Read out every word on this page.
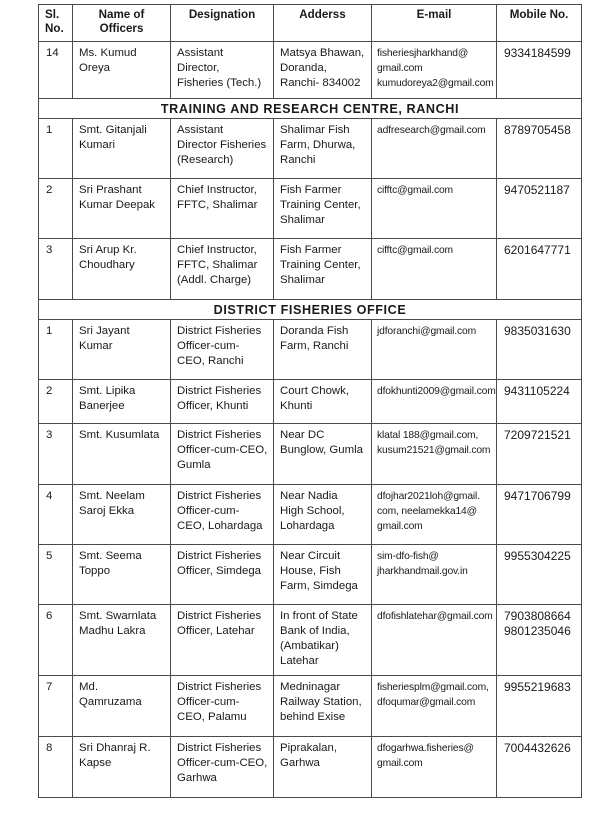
Sl. No.	Name of Officers	Designation	Adderss	E-mail	Mobile No.

14	Ms. Kumud
Oreya	Assistant
Director,
Fisheries (Tech.)	Matsya Bhawan,
Doranda,
Ranchi- 834002	fisheriesjharkhand@
gmail.com
kumudoreya2@gmail.com	9334184599

TRAINING AND RESEARCH CENTRE, RANCHI					

1	Smt. Gitanjali
Kumari	Assistant
Director Fisheries
(Research)	Shalimar Fish
Farm, Dhurwa,
Ranchi	adfresearch@gmail.com	8789705458

2	Sri Prashant
Kumar Deepak	Chief Instructor,
FFTC, Shalimar	Fish Farmer
Training Center,
Shalimar	cifftc@gmail.com	9470521187

3	Sri Arup Kr.
Choudhary	Chief Instructor,
FFTC, Shalimar
(Addl. Charge)	Fish Farmer
Training Center,
Shalimar	cifftc@gmail.com	6201647771

DISTRICT FISHERIES OFFICE					

1	Sri Jayant
Kumar	District Fisheries
Officer-cum-
CEO, Ranchi	Doranda Fish
Farm, Ranchi	jdforanchi@gmail.com	9835031630

2	Smt. Lipika
Banerjee	District Fisheries
Officer, Khunti	Court Chowk,
Khunti	dfokhunti2009@gmail.com	9431105224

3	Smt. Kusumlata	District Fisheries
Officer-cum-CEO,
Gumla	Near DC
Bunglow, Gumla	klatal 188@gmail.com,
kusum21521@gmail.com	7209721521

4	Smt. Neelam
Saroj Ekka	District Fisheries
Officer-cum-
CEO, Lohardaga	Near Nadia
High School,
Lohardaga	dfojhar2021loh@gmail.
com, neelamekka14@
gmail.com	9471706799

5	Smt. Seema
Toppo	District Fisheries
Officer, Simdega	Near Circuit
House, Fish
Farm, Simdega	sim-dfo-fish@
jharkhandmail.gov.in	9955304225

6	Smt. Swarnlata
Madhu Lakra	District Fisheries
Officer, Latehar	In front of State
Bank of India,
(Ambatikar)
Latehar	dfofishlatehar@gmail.com	7903808664
9801235046

7	Md.
Qamruzama	District Fisheries
Officer-cum-
CEO, Palamu	Medninagar
Railway Station,
behind Exise	fisheriesplm@gmail.com,
dfoqumar@gmail.com	9955219683

8	Sri Dhanraj R.
Kapse	District Fisheries
Officer-cum-CEO,
Garhwa	Piprakalan,
Garhwa	dfogarhwa.fisheries@
gmail.com	7004432626
